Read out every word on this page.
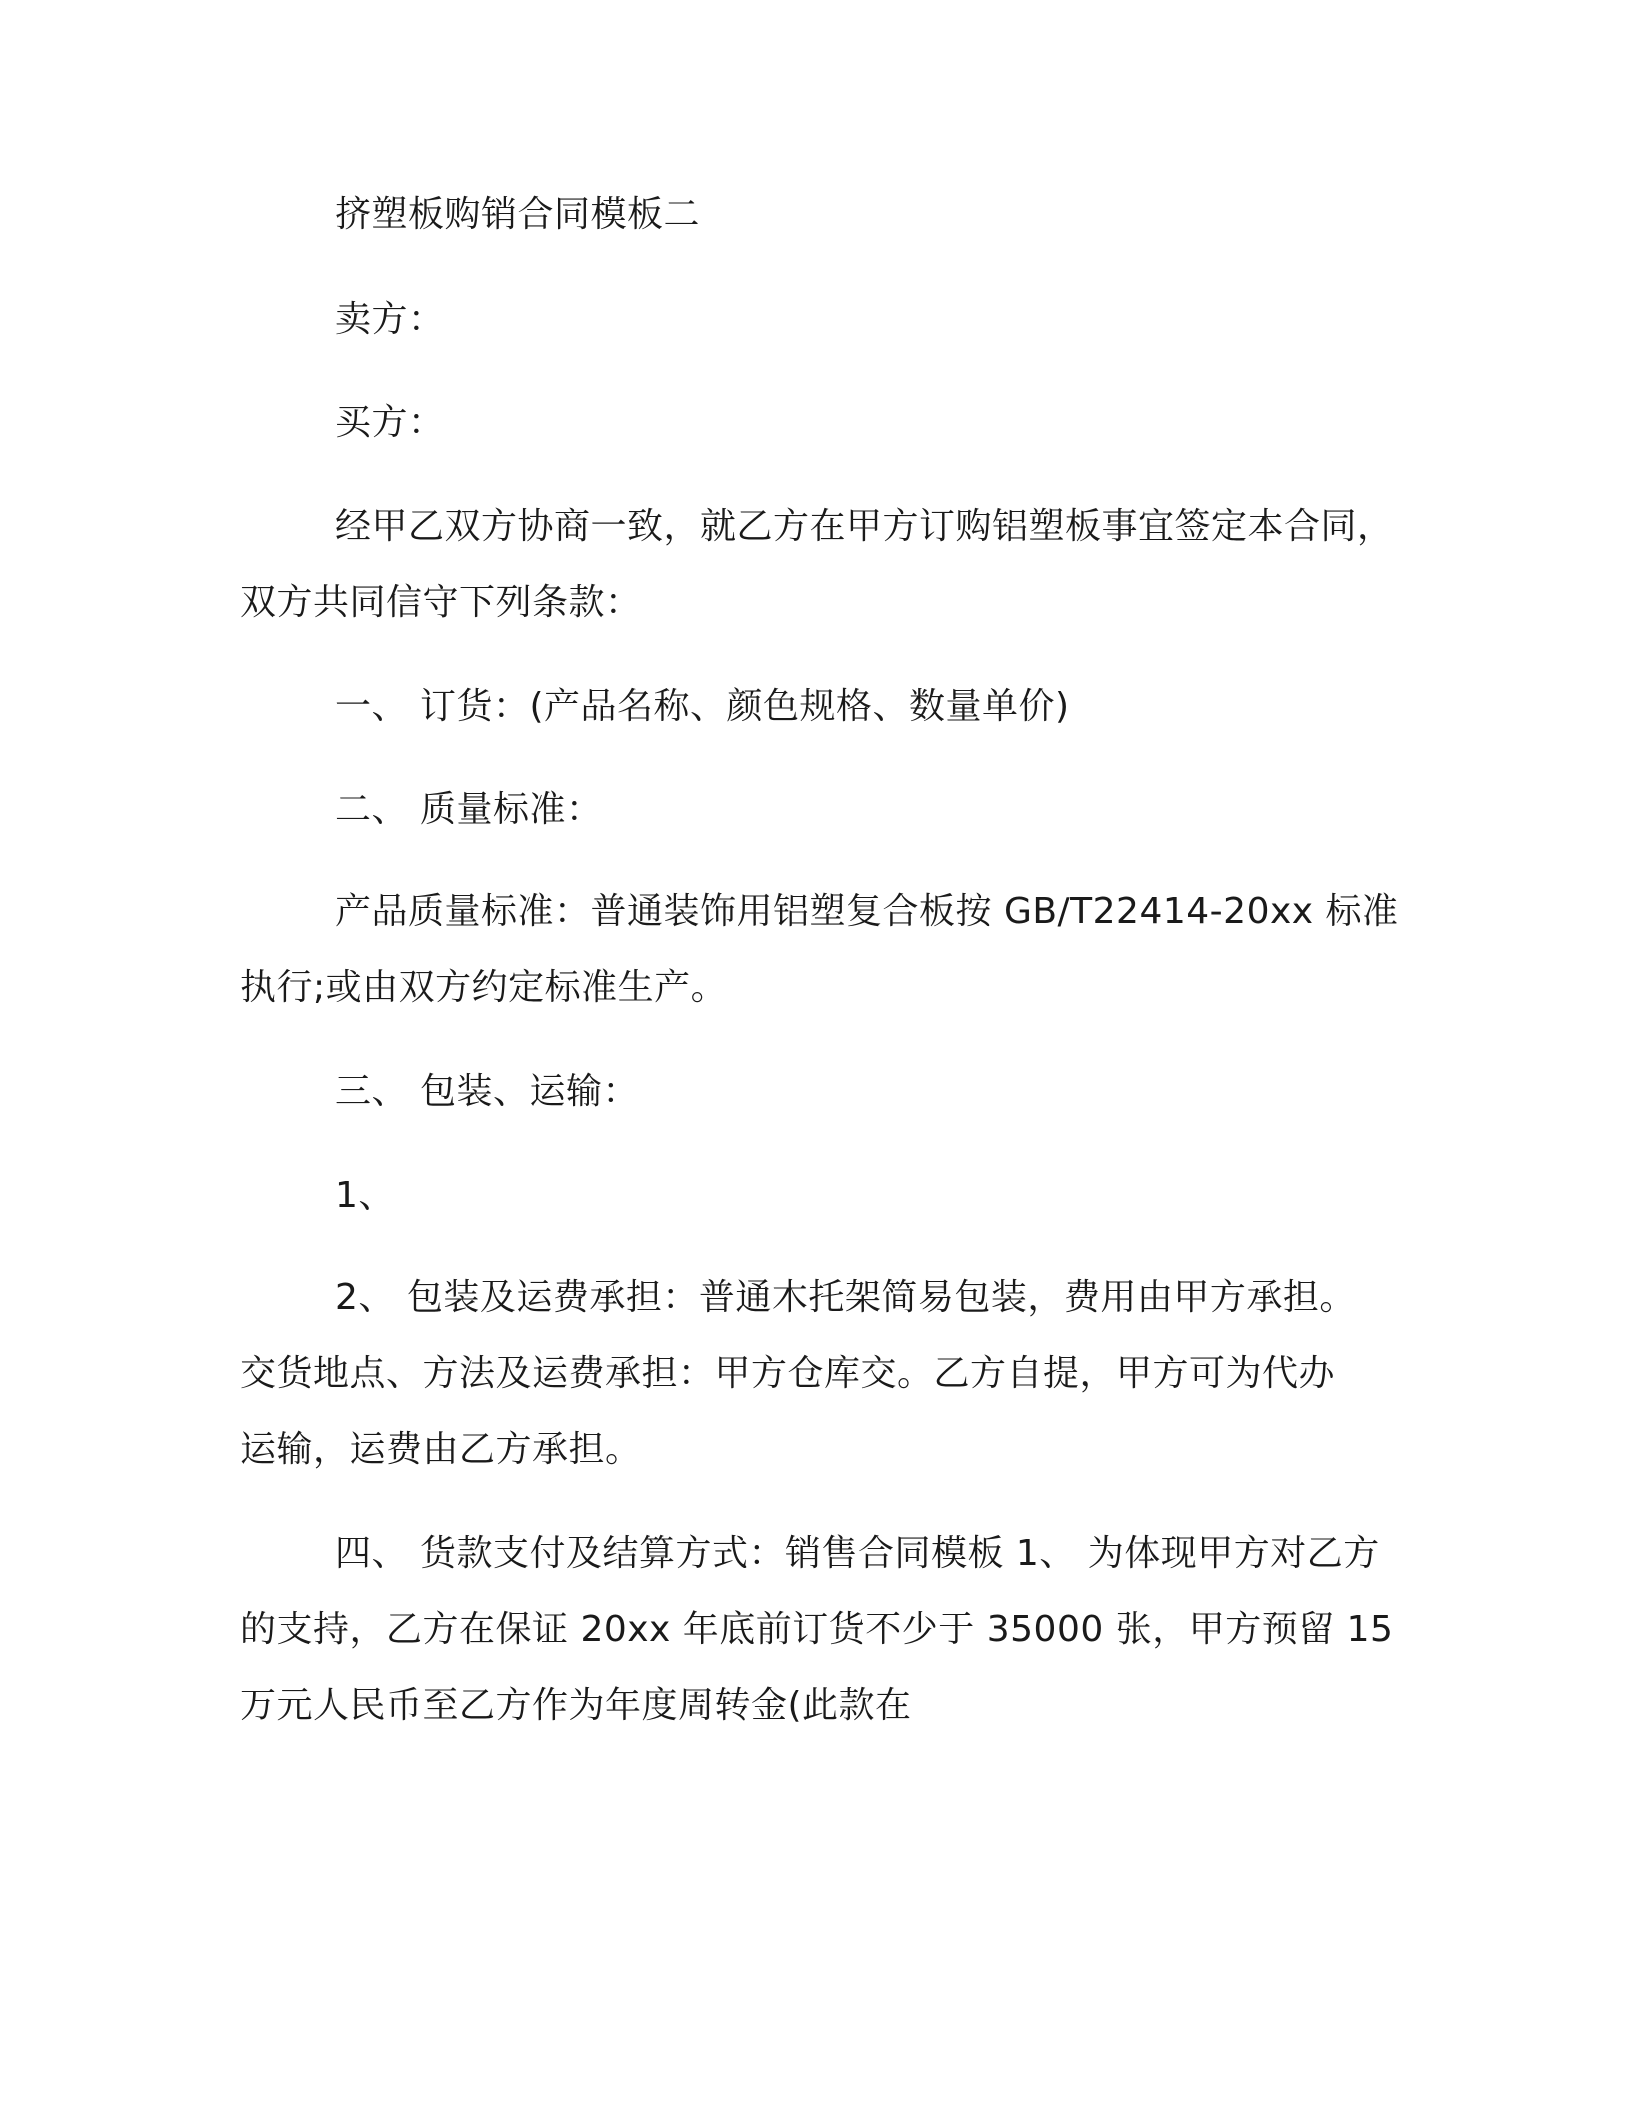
挤塑板购销合同模板二
卖方：
买方：
经甲乙双方协商一致，就乙方在甲方订购铝塑板事宜签定本合同，
双方共同信守下列条款：
一、 订货：(产品名称、颜色规格、数量单价)
二、 质量标准：
产品质量标准：普通装饰用铝塑复合板按 GB/T22414-20xx 标准
执行;或由双方约定标准生产。
三、 包装、运输：
1、
2、 包装及运费承担：普通木托架简易包装，费用由甲方承担。
交货地点、方法及运费承担：甲方仓库交。乙方自提，甲方可为代办
运输，运费由乙方承担。
四、 货款支付及结算方式：销售合同模板 1、 为体现甲方对乙方
的支持，乙方在保证 20xx 年底前订货不少于 35000 张，甲方预留 15
万元人民币至乙方作为年度周转金(此款在
